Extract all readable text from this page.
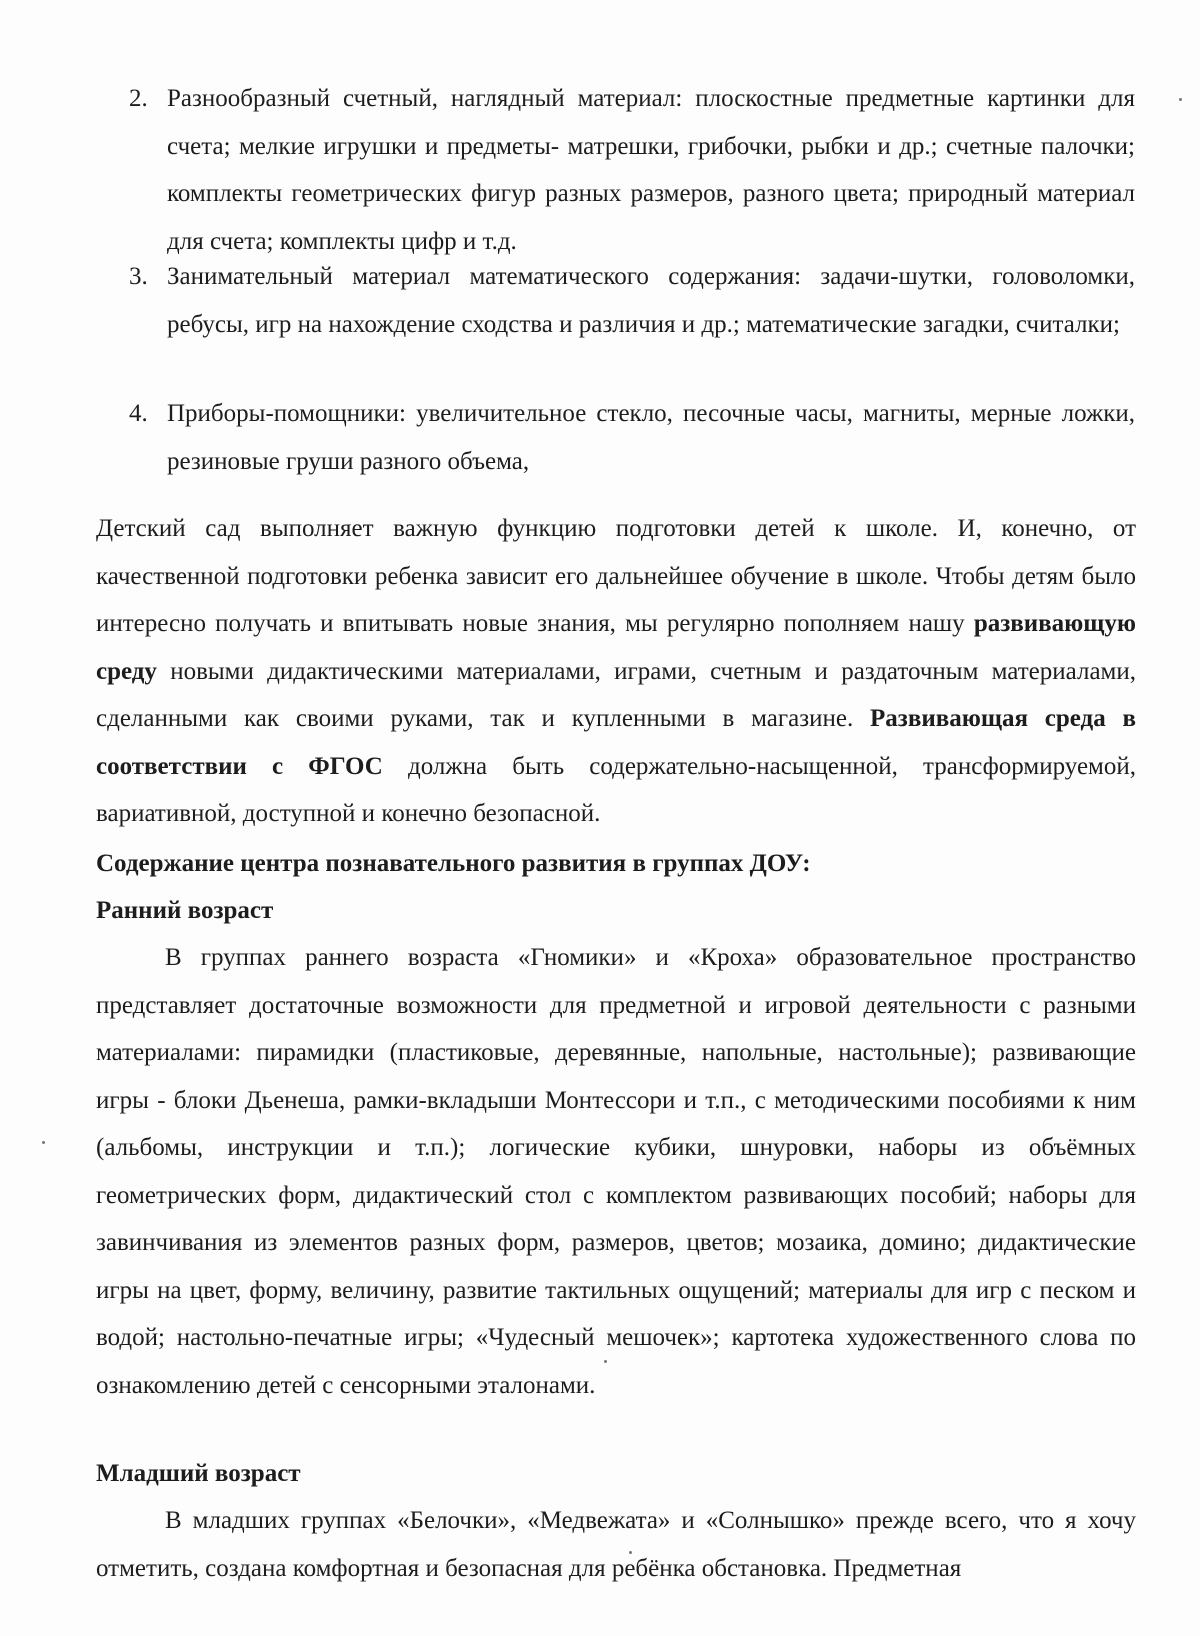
2. Разнообразный счетный, наглядный материал: плоскостные предметные картинки для счета; мелкие игрушки и предметы- матрешки, грибочки, рыбки и др.; счетные палочки; комплекты геометрических фигур разных размеров, разного цвета; природный материал для счета; комплекты цифр и т.д.

3. Занимательный материал математического содержания: задачи-шутки, головоломки, ребусы, игр на нахождение сходства и различия и др.; математические загадки, считалки;

4. Приборы-помощники: увеличительное стекло, песочные часы, магниты, мерные ложки, резиновые груши разного объема,

Детский сад выполняет важную функцию подготовки детей к школе. И, конечно, от качественной подготовки ребенка зависит его дальнейшее обучение в школе. Чтобы детям было интересно получать и впитывать новые знания, мы регулярно пополняем нашу развивающую среду новыми дидактическими материалами, играми, счетным и раздаточным материалами, сделанными как своими руками, так и купленными в магазине. Развивающая среда в соответствии с ФГОС должна быть содержательно-насыщенной, трансформируемой, вариативной, доступной и конечно безопасной.

Содержание центра познавательного развития в группах ДОУ:
Ранний возраст

В группах раннего возраста «Гномики» и «Кроха» образовательное пространство представляет достаточные возможности для предметной и игровой деятельности с разными материалами: пирамидки (пластиковые, деревянные, напольные, настольные); развивающие игры - блоки Дьенеша, рамки-вкладыши Монтессори и т.п., с методическими пособиями к ним (альбомы, инструкции и т.п.); логические кубики, шнуровки, наборы из объёмных геометрических форм, дидактический стол с комплектом развивающих пособий; наборы для завинчивания из элементов разных форм, размеров, цветов; мозаика, домино; дидактические игры на цвет, форму, величину, развитие тактильных ощущений; материалы для игр с песком и водой; настольно-печатные игры; «Чудесный мешочек»; картотека художественного слова по ознакомлению детей с сенсорными эталонами.

Младший возраст

В младших группах «Белочки», «Медвежата» и «Солнышко» прежде всего, что я хочу отметить, создана комфортная и безопасная для ребёнка обстановка. Предметная
